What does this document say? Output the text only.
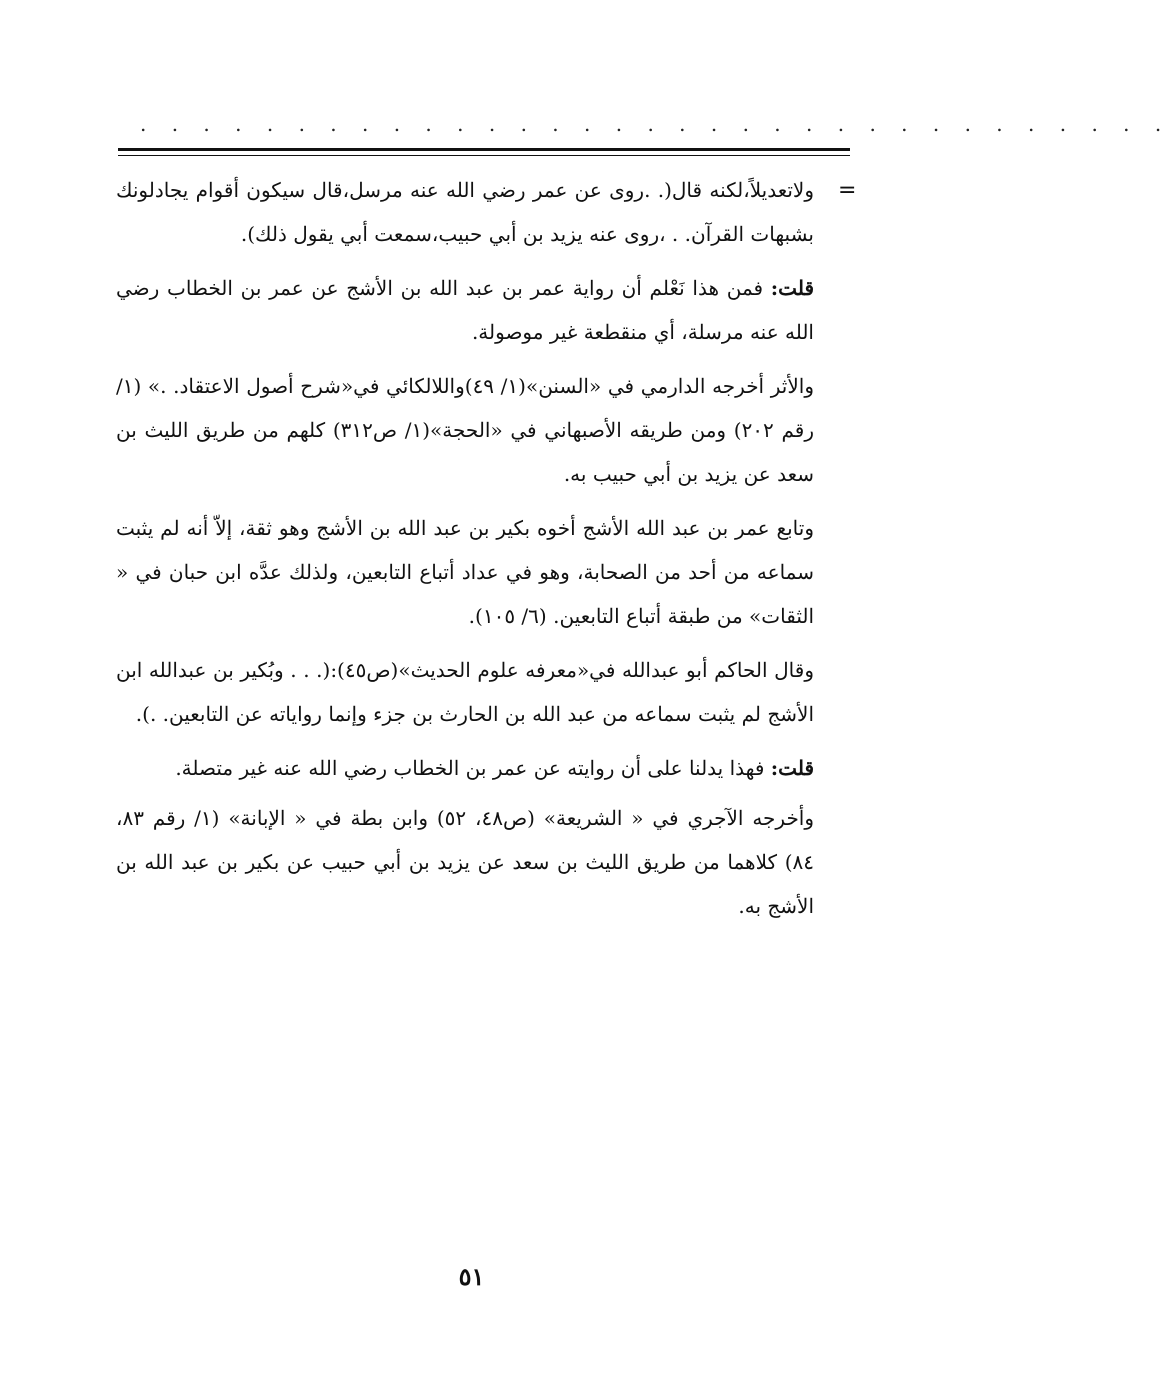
. . . . . . . . . . . . . . . . . . . . . . . . . . . . . . . . .
=

ولاتعديلاً،لكنه قال(. .روى عن عمر رضي الله عنه مرسل،قال سيكون أقوام يجادلونك بشبهات القرآن. . ،روى عنه يزيد بن أبي حبيب،سمعت أبي يقول ذلك).

قلت: فمن هذا نَعْلم أن رواية عمر بن عبد الله بن الأشج عن عمر بن الخطاب رضي الله عنه مرسلة، أي منقطعة غير موصولة.

والأثر أخرجه الدارمي في «السنن»(١/ ٤٩)واللالكائي في«شرح أصول الاعتقاد. .» (١/رقم ٢٠٢) ومن طريقه الأصبهاني في «الحجة»(١/ ص٣١٢) كلهم من طريق الليث بن سعد عن يزيد بن أبي حبيب به.

وتابع عمر بن عبد الله الأشج أخوه بكير بن عبد الله بن الأشج وهو ثقة، إلاّ أنه لم يثبت سماعه من أحد من الصحابة، وهو في عداد أتباع التابعين، ولذلك عدَّه ابن حبان في « الثقات» من طبقة أتباع التابعين. (٦/ ١٠٥).

وقال الحاكم أبو عبدالله في«معرفه علوم الحديث»(ص٤٥):(. . . وبُكير بن عبدالله ابن الأشج لم يثبت سماعه من عبد الله بن الحارث بن جزء وإنما رواياته عن التابعين. .).

قلت: فهذا يدلنا على أن روايته عن عمر بن الخطاب رضي الله عنه غير متصلة.

وأخرجه الآجري في « الشريعة» (ص٤٨، ٥٢) وابن بطة في « الإبانة» (١/ رقم ٨٣، ٨٤) كلاهما من طريق الليث بن سعد عن يزيد بن أبي حبيب عن بكير بن عبد الله بن الأشج به.

٥١
